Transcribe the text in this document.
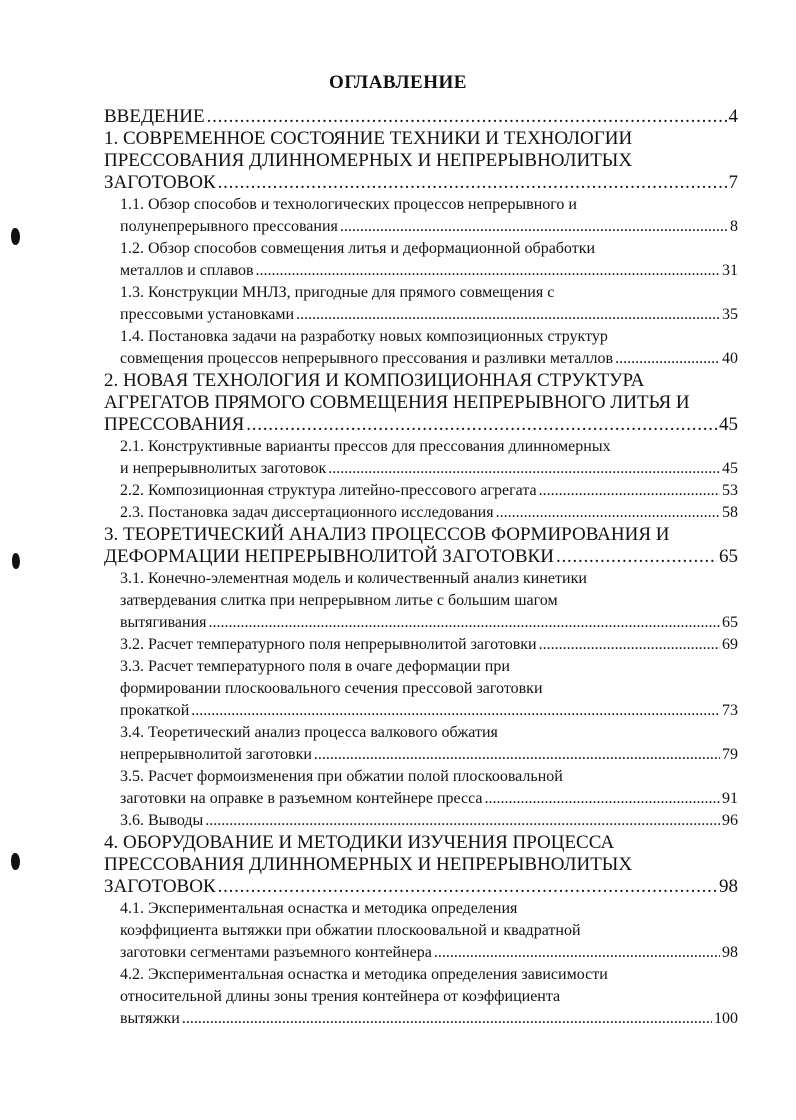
ОГЛАВЛЕНИЕ
ВВЕДЕНИЕ . . .	4
1. СОВРЕМЕННОЕ СОСТОЯНИЕ ТЕХНИКИ И ТЕХНОЛОГИИ
ПРЕССОВАНИЯ ДЛИННОМЕРНЫХ И НЕПРЕРЫВНОЛИТЫХ
ЗАГОТОВОК . . .	7
1.1. Обзор способов и технологических процессов непрерывного и
полунепрерывного прессования . . .	8
1.2. Обзор способов совмещения литья и деформационной обработки
металлов и сплавов . . .	31
1.3. Конструкции МНЛЗ, пригодные для прямого совмещения с
прессовыми установками . . .	35
1.4. Постановка задачи на разработку новых композиционных структур
совмещения процессов непрерывного прессования и разливки металлов . . .	40
2. НОВАЯ ТЕХНОЛОГИЯ И КОМПОЗИЦИОННАЯ СТРУКТУРА
АГРЕГАТОВ ПРЯМОГО СОВМЕЩЕНИЯ НЕПРЕРЫВНОГО ЛИТЬЯ И
ПРЕССОВАНИЯ . . .	45
2.1. Конструктивные варианты прессов для прессования длинномерных
и непрерывнолитых заготовок . . .	45
2.2. Композиционная структура литейно-прессового агрегата . . .	53
2.3. Постановка задач диссертационного исследования . . .	58
3. ТЕОРЕТИЧЕСКИЙ АНАЛИЗ ПРОЦЕССОВ ФОРМИРОВАНИЯ И
ДЕФОРМАЦИИ НЕПРЕРЫВНОЛИТОЙ ЗАГОТОВКИ . . .	65
3.1. Конечно-элементная модель и количественный анализ кинетики
затвердевания слитка при непрерывном литье с большим шагом
вытягивания . . .	65
3.2. Расчет температурного поля непрерывнолитой заготовки . . .	69
3.3. Расчет температурного поля в очаге деформации при
формировании плоскоовального сечения прессовой заготовки
прокаткой . . .	73
3.4. Теоретический анализ процесса валкового обжатия
непрерывнолитой заготовки . . .	79
3.5. Расчет формоизменения при обжатии полой плоскоовальной
заготовки на оправке в разъемном контейнере пресса . . .	91
3.6. Выводы . . .	96
4. ОБОРУДОВАНИЕ И МЕТОДИКИ ИЗУЧЕНИЯ ПРОЦЕССА
ПРЕССОВАНИЯ ДЛИННОМЕРНЫХ И НЕПРЕРЫВНОЛИТЫХ
ЗАГОТОВОК . . .	98
4.1. Экспериментальная оснастка и методика определения
коэффициента вытяжки при обжатии плоскоовальной и квадратной
заготовки сегментами разъемного контейнера . . .	98
4.2. Экспериментальная оснастка и методика определения зависимости
относительной длины зоны трения контейнера от коэффициента
вытяжки . . .	100
